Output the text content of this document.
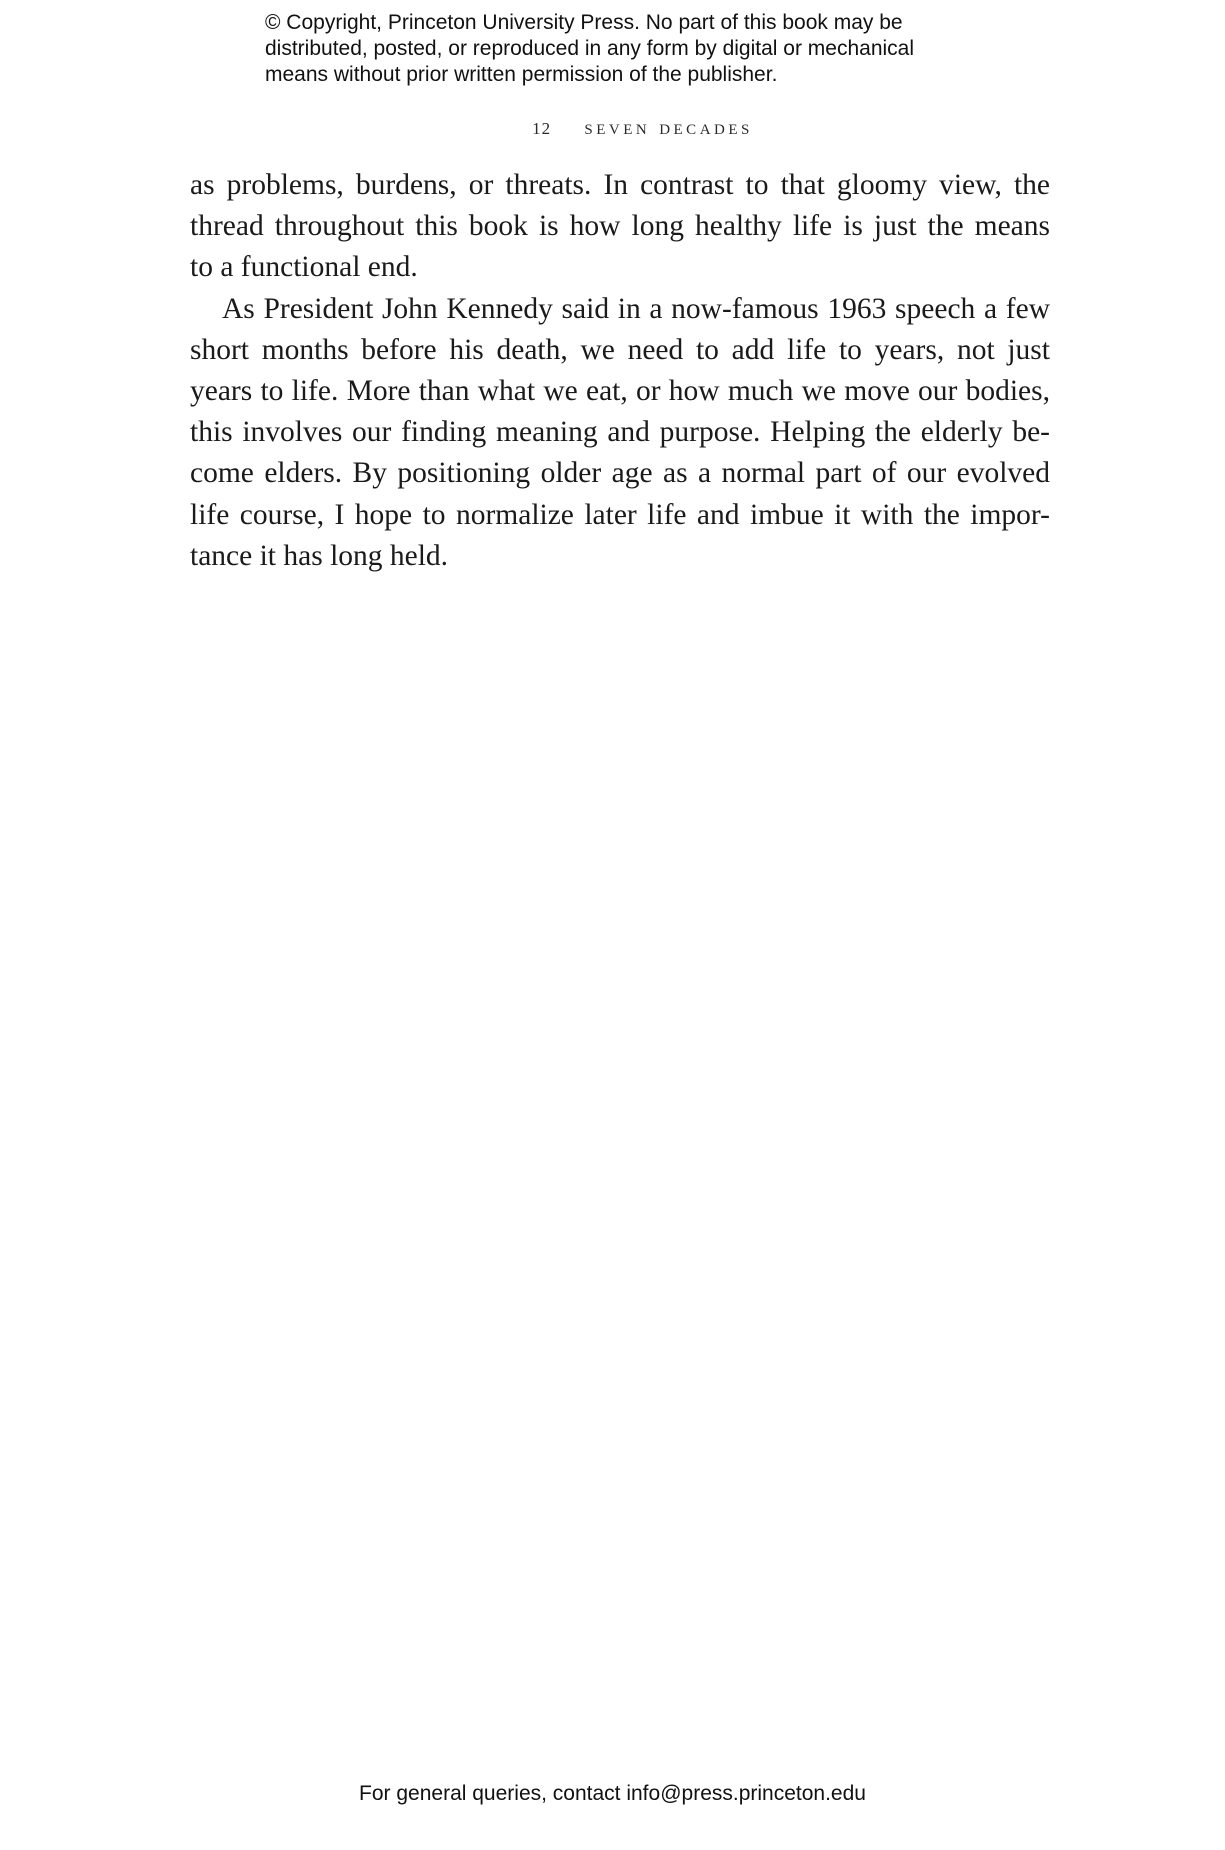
© Copyright, Princeton University Press. No part of this book may be
distributed, posted, or reproduced in any form by digital or mechanical
means without prior written permission of the publisher.
12 seven decades
as problems, burdens, or threats. In contrast to that gloomy view, the
thread throughout this book is how long healthy life is just the means
to a functional end.
As President John Kennedy said in a now-famous 1963 speech a few
short months before his death, we need to add life to years, not just
years to life. More than what we eat, or how much we move our bodies,
this involves our finding meaning and purpose. Helping the elderly be-
come elders. By positioning older age as a normal part of our evolved
life course, I hope to normalize later life and imbue it with the impor-
tance it has long held.
For general queries, contact info@press.princeton.edu
